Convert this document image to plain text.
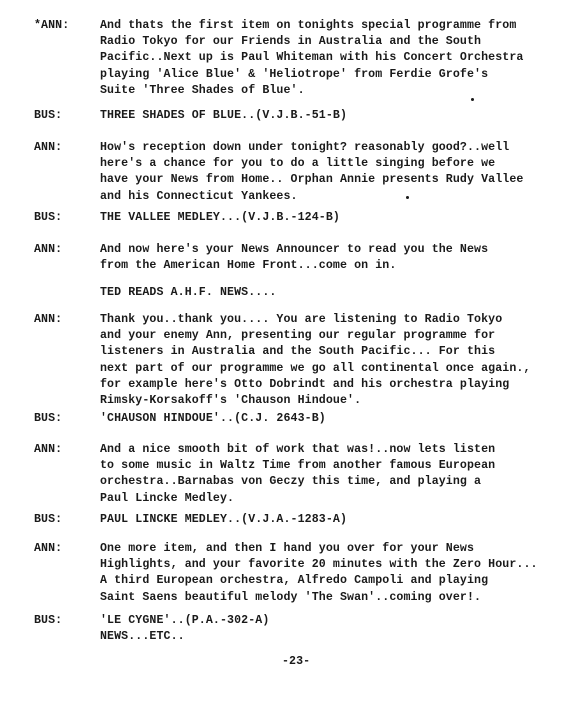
*ANN:	And thats the first item on tonights special programme from
Radio Tokyo for our Friends in Australia and the South
Pacific..Next up is Paul Whiteman with his Concert Orchestra
playing 'Alice Blue' & 'Heliotrope' from Ferdie Grofe's
Suite 'Three Shades of Blue'.
BUS:	THREE SHADES OF BLUE..(V.J.B.-51-B)
ANN:	How's reception down under tonight? reasonably good?..well
here's a chance for you to do a little singing before we
have your News from Home.. Orphan Annie presents Rudy Vallee
and his Connecticut Yankees.
BUS:	THE VALLEE MEDLEY...(V.J.B.-124-B)
ANN:	And now here's your News Announcer to read you the News
from the American Home Front...come on in.
TED READS A.H.F. NEWS....
ANN:	Thank you..thank you.... You are listening to Radio Tokyo
and your enemy Ann, presenting our regular programme for
listeners in Australia and the South Pacific... For this
next part of our programme we go all continental once again.,
for example here's Otto Dobrindt and his orchestra playing
Rimsky-Korsakoff's 'Chauson Hindoue'.
BUS:	'CHAUSON HINDOUE'..(C.J. 2643-B)
ANN:	And a nice smooth bit of work that was!..now lets listen
to some music in Waltz Time from another famous European
orchestra..Barnabas von Geczy this time, and playing a
Paul Lincke Medley.
BUS:	PAUL LINCKE MEDLEY..(V.J.A.-1283-A)
ANN:	One more item, and then I hand you over for your News
Highlights, and your favorite 20 minutes with the Zero Hour...
A third European orchestra, Alfredo Campoli and playing
Saint Saens beautiful melody 'The Swan'..coming over!.
BUS:	'LE CYGNE'..(P.A.-302-A)
NEWS...ETC..
-23-
